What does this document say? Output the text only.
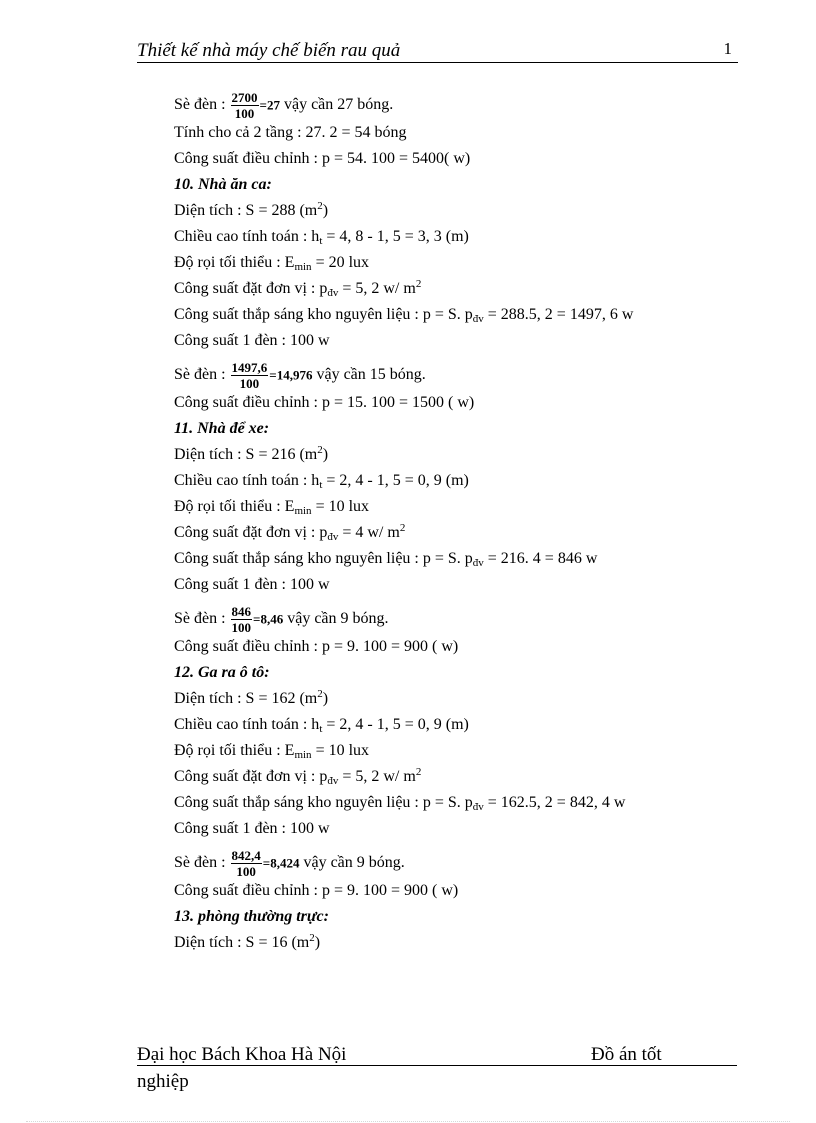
Thiết kế nhà máy chế biến rau quả	1
Sè đèn : $\frac{2700}{100} =27$ vậy cần 27 bóng.
Tính cho cả 2 tầng : 27. 2 = 54 bóng
Công suất điều chỉnh : p = 54. 100 = 5400( w)
10. Nhà ăn ca:
Diện tích : S = 288 $(m^2)$
Chiều cao tính toán : $h_t = 4$, 8 - 1, 5 = 3, 3 (m)
Độ rọi tối thiểu : $E_{min} = 20$ lux
Công suất đặt đơn vị : $p_{đv} = 5$, 2 w/ $m^2$
Công suất thắp sáng kho nguyên liệu : p = S. $p_{đv} = 288.5$, 2 = 1497, 6 w
Công suất 1 đèn : 100 w
Sè đèn : $\frac{1497,6}{100} =14,976$ vậy cần 15 bóng.
Công suất điều chỉnh : p = 15. 100 = 1500 ( w)
11. Nhà để xe:
Diện tích : S = 216 $(m^2)$
Chiều cao tính toán : $h_t = 2$, 4 - 1, 5 = 0, 9 (m)
Độ rọi tối thiểu : $E_{min} = 10$ lux
Công suất đặt đơn vị : $p_{đv} = 4$ w/ $m^2$
Công suất thắp sáng kho nguyên liệu : p = S. $p_{đv} = 216$. 4 = 846 w
Công suất 1 đèn : 100 w
Sè đèn : $\frac{846}{100} =8,46$ vậy cần 9 bóng.
Công suất điều chỉnh : p = 9. 100 = 900 ( w)
12. Ga ra ô tô:
Diện tích : S = 162 $(m^2)$
Chiều cao tính toán : $h_t = 2$, 4 - 1, 5 = 0, 9 (m)
Độ rọi tối thiểu : $E_{min} = 10$ lux
Công suất đặt đơn vị : $p_{đv} = 5$, 2 w/ $m^2$
Công suất thắp sáng kho nguyên liệu : p = S. $p_{đv} = 162.5$, 2 = 842, 4 w
Công suất 1 đèn : 100 w
Sè đèn : $\frac{842,4}{100} =8,424$ vậy cần 9 bóng.
Công suất điều chỉnh : p = 9. 100 = 900 ( w)
13. phòng thường trực:
Diện tích : S = 16 $(m^2)$
Đại học Bách Khoa Hà Nội	Đồ án tốt
nghiệp
